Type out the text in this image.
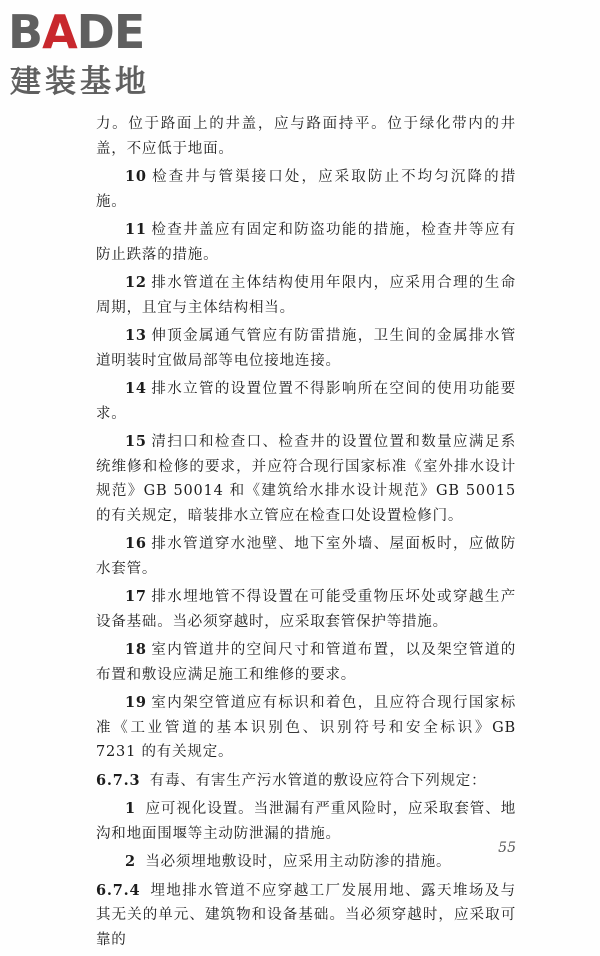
B A DE
建装基地

力。位于路面上的井盖，应与路面持平。位于绿化带内的井盖，不应低于地面。

10 检查井与管渠接口处，应采取防止不均匀沉降的措施。

11 检查井盖应有固定和防盗功能的措施，检查井等应有防止跌落的措施。

12 排水管道在主体结构使用年限内，应采用合理的生命周期，且宜与主体结构相当。

13 伸顶金属通气管应有防雷措施，卫生间的金属排水管道明装时宜做局部等电位接地连接。

14 排水立管的设置位置不得影响所在空间的使用功能要求。

15 清扫口和检查口、检查井的设置位置和数量应满足系统维修和检修的要求，并应符合现行国家标准《室外排水设计规范》GB 50014 和《建筑给水排水设计规范》GB 50015 的有关规定，暗装排水立管应在检查口处设置检修门。

16 排水管道穿水池壁、地下室外墙、屋面板时，应做防水套管。

17 排水埋地管不得设置在可能受重物压坏处或穿越生产设备基础。当必须穿越时，应采取套管保护等措施。

18 室内管道井的空间尺寸和管道布置，以及架空管道的布置和敷设应满足施工和维修的要求。

19 室内架空管道应有标识和着色，且应符合现行国家标准《工业管道的基本识别色、识别符号和安全标识》GB 7231 的有关规定。

6.7.3 有毒、有害生产污水管道的敷设应符合下列规定：

1 应可视化设置。当泄漏有严重风险时，应采取套管、地沟和地面围堰等主动防泄漏的措施。

2 当必须埋地敷设时，应采用主动防渗的措施。

6.7.4 埋地排水管道不应穿越工厂发展用地、露天堆场及与其无关的单元、建筑物和设备基础。当必须穿越时，应采取可靠的

55
